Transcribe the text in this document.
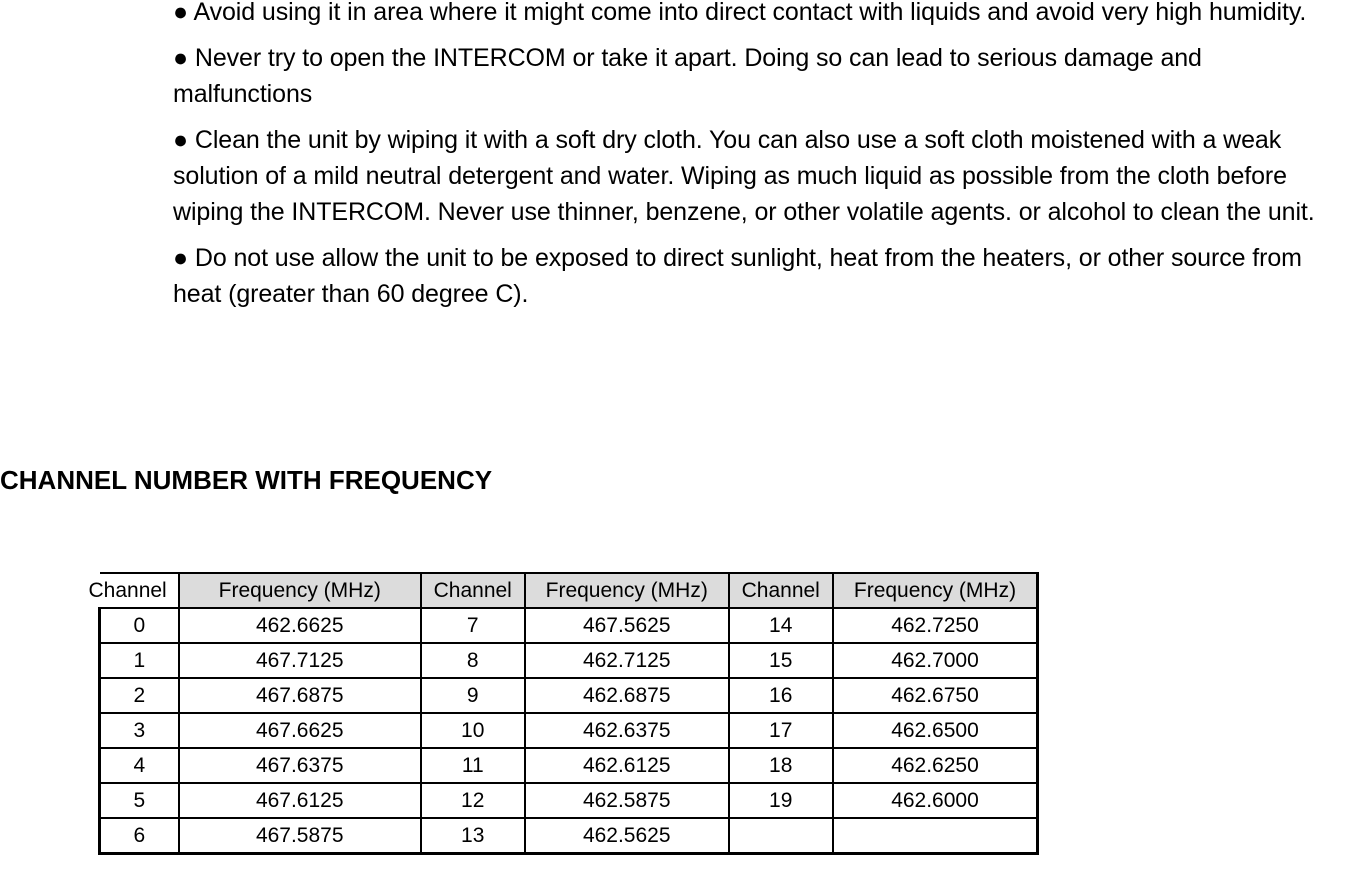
● Avoid using it in area where it might come into direct contact with liquids and avoid very high humidity.

● Never try to open the INTERCOM or take it apart. Doing so can lead to serious damage and  malfunctions

● Clean the unit by wiping it with a soft dry cloth. You can also use a soft cloth moistened with a weak solution of a mild neutral detergent and water. Wiping as much liquid as possible from the cloth before wiping the INTERCOM. Never use thinner, benzene, or other volatile agents. or alcohol to clean the unit.

● Do not use allow the unit to be exposed to direct sunlight, heat from the heaters, or other source from heat (greater than 60 degree C).

CHANNEL NUMBER WITH FREQUENCY
Channel	Frequency (MHz)	Channel	Frequency (MHz)	Channel	Frequency (MHz)
0	462.6625	7	467.5625	14	462.7250
1	467.7125	8	462.7125	15	462.7000
2	467.6875	9	462.6875	16	462.6750
3	467.6625	10	462.6375	17	462.6500
4	467.6375	11	462.6125	18	462.6250
5	467.6125	12	462.5875	19	462.6000
6	467.5875	13	462.5625		
